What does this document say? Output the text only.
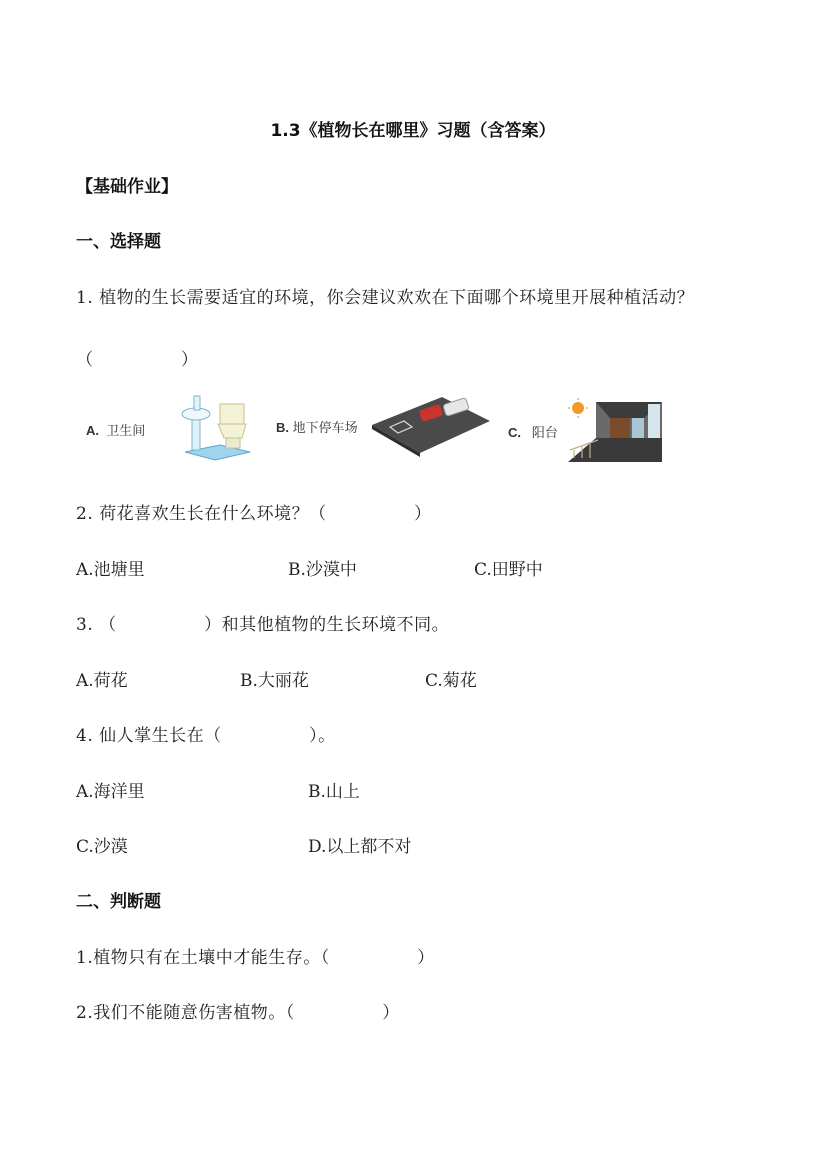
1.3《植物长在哪里》习题（含答案）
【基础作业】
一、选择题
1. 植物的生长需要适宜的环境，你会建议欢欢在下面哪个环境里开展种植活动？
（　　　　　）
A. 卫生间	B. 地下停车场	C. 阳台
2. 荷花喜欢生长在什么环境？（　　　　　）
A.池塘里	B.沙漠中	C.田野中
3. （　　　　　）和其他植物的生长环境不同。
A.荷花	B.大丽花	C.菊花
4. 仙人掌生长在（　　　　　）。
A.海洋里	B.山上
C.沙漠	D.以上都不对
二、判断题
1.植物只有在土壤中才能生存。（　　　　　）
2.我们不能随意伤害植物。（　　　　　）
